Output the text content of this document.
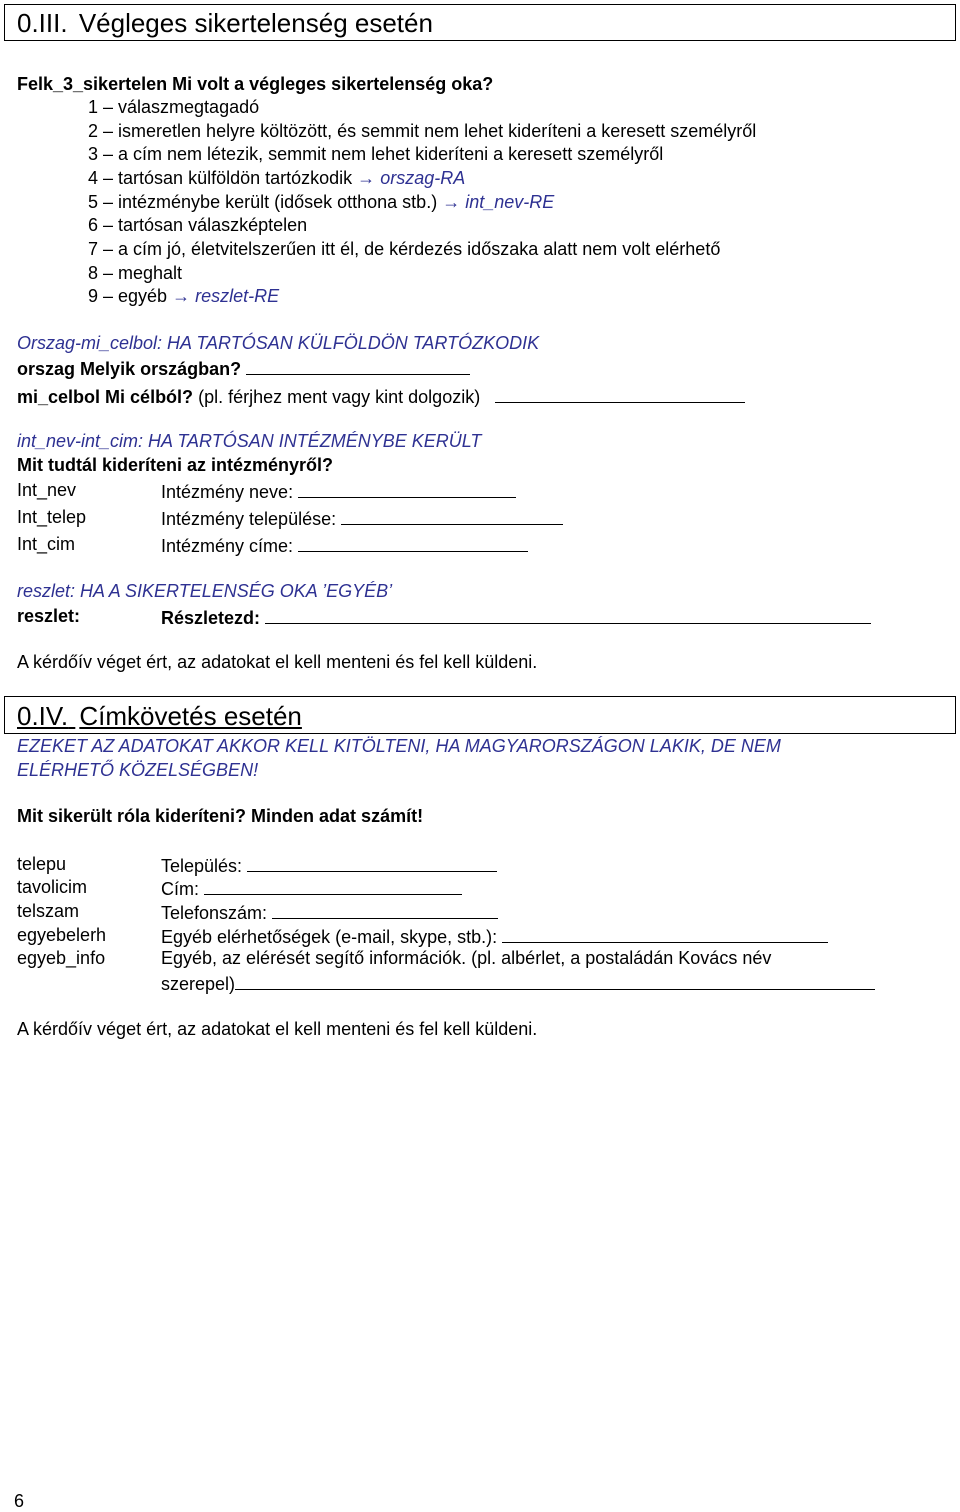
0.III. Végleges sikertelenség esetén
Felk_3_sikertelen Mi volt a végleges sikertelenség oka?
1 – válaszmegtagadó
2 – ismeretlen helyre költözött, és semmit nem lehet kideríteni a keresett személyről
3 – a cím nem létezik, semmit nem lehet kideríteni a keresett személyről
4 – tartósan külföldön tartózkodik → orszag-RA
5 – intézménybe került (idősek otthona stb.) → int_nev-RE
6 – tartósan válaszképtelen
7 – a cím jó, életvitelszerűen itt él, de kérdezés időszaka alatt nem volt elérhető
8 – meghalt
9 – egyéb → reszlet-RE
Orszag-mi_celbol: HA TARTÓSAN KÜLFÖLDÖN TARTÓZKODIK
orszag Melyik országban?
mi_celbol Mi célból? (pl. férjhez ment vagy kint dolgozik)
int_nev-int_cim: HA TARTÓSAN INTÉZMÉNYBE KERÜLT
Mit tudtál kideríteni az intézményről?
Int_nev	Intézmény neve:
Int_telep	Intézmény települése:
Int_cim	Intézmény címe:
reszlet: HA A SIKERTELENSÉG OKA ’EGYÉB’
reszlet:	Részletezd:
A kérdőív véget ért, az adatokat el kell menteni és fel kell küldeni.
0.IV. Címkövetés esetén
EZEKET AZ ADATOKAT AKKOR KELL KITÖLTENI, HA MAGYARORSZÁGON LAKIK, DE NEM
ELÉRHETŐ KÖZELSÉGBEN!
Mit sikerült róla kideríteni? Minden adat számít!
telepu	Település:
tavolicim	Cím:
telszam	Telefonszám:
egyebelerh	Egyéb elérhetőségek (e-mail, skype, stb.):
egyeb_info	Egyéb, az elérését segítő információk. (pl. albérlet, a postaládán Kovács név
szerepel)
A kérdőív véget ért, az adatokat el kell menteni és fel kell küldeni.
6
